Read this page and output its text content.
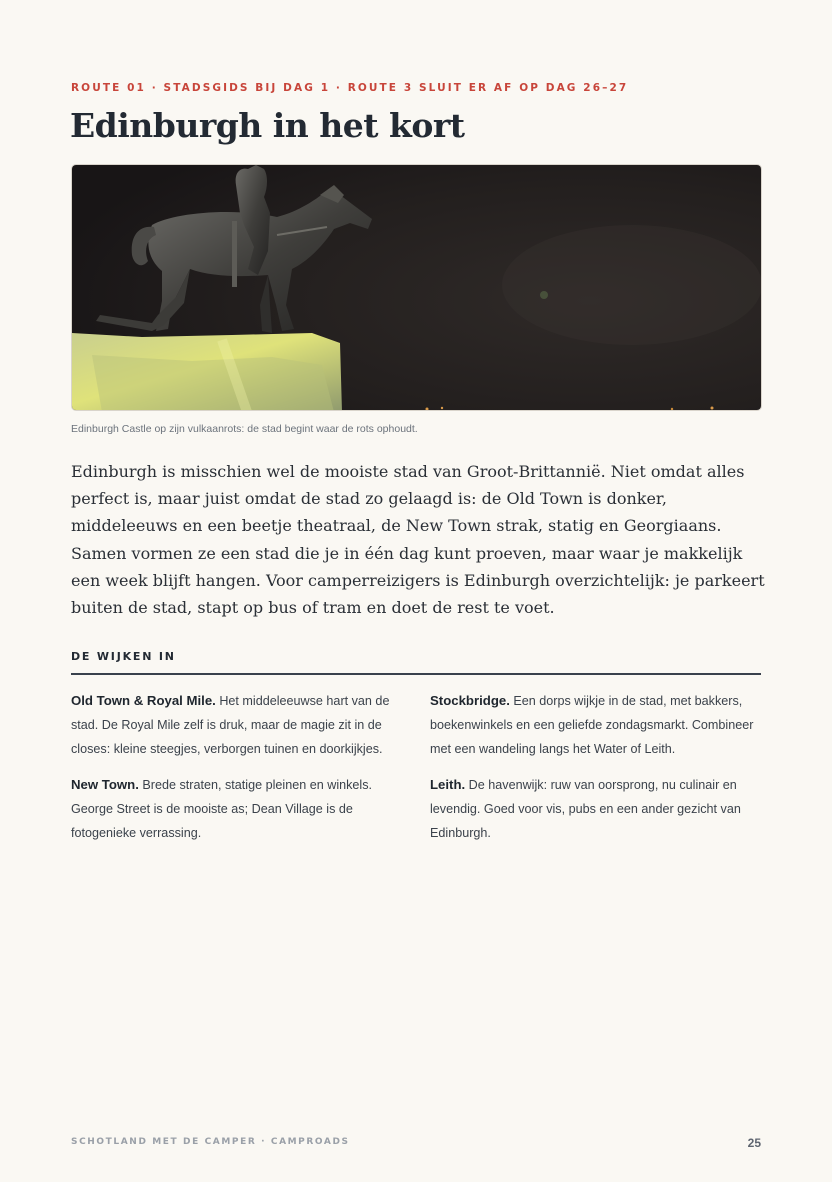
ROUTE 01 · STADSGIDS BIJ DAG 1 · ROUTE 3 SLUIT ER AF OP DAG 26–27
Edinburgh in het kort
Edinburgh Castle op zijn vulkaanrots: de stad begint waar de rots ophoudt.

Edinburgh is misschien wel de mooiste stad van Groot-Brittannië. Niet omdat alles perfect is, maar juist omdat de stad zo gelaagd is: de Old Town is donker, middeleeuws en een beetje theatraal, de New Town strak, statig en Georgiaans. Samen vormen ze een stad die je in één dag kunt proeven, maar waar je makkelijk een week blijft hangen. Voor camperreizigers is Edinburgh overzichtelijk: je parkeert buiten de stad, stapt op bus of tram en doet de rest te voet.

DE WIJKEN IN

Old Town & Royal Mile. Het middeleeuwse hart van de stad. De Royal Mile zelf is druk, maar de magie zit in de closes: kleine steegjes, verborgen tuinen en doorkijkjes.

New Town. Brede straten, statige pleinen en winkels. George Street is de mooiste as; Dean Village is de fotogenieke verrassing.

Stockbridge. Een dorps wijkje in de stad, met bakkers, boekenwinkels en een geliefde zondagsmarkt. Combineer met een wandeling langs het Water of Leith.

Leith. De havenwijk: ruw van oorsprong, nu culinair en levendig. Goed voor vis, pubs en een ander gezicht van Edinburgh.

SCHOTLAND MET DE CAMPER · CAMPROADS	25
